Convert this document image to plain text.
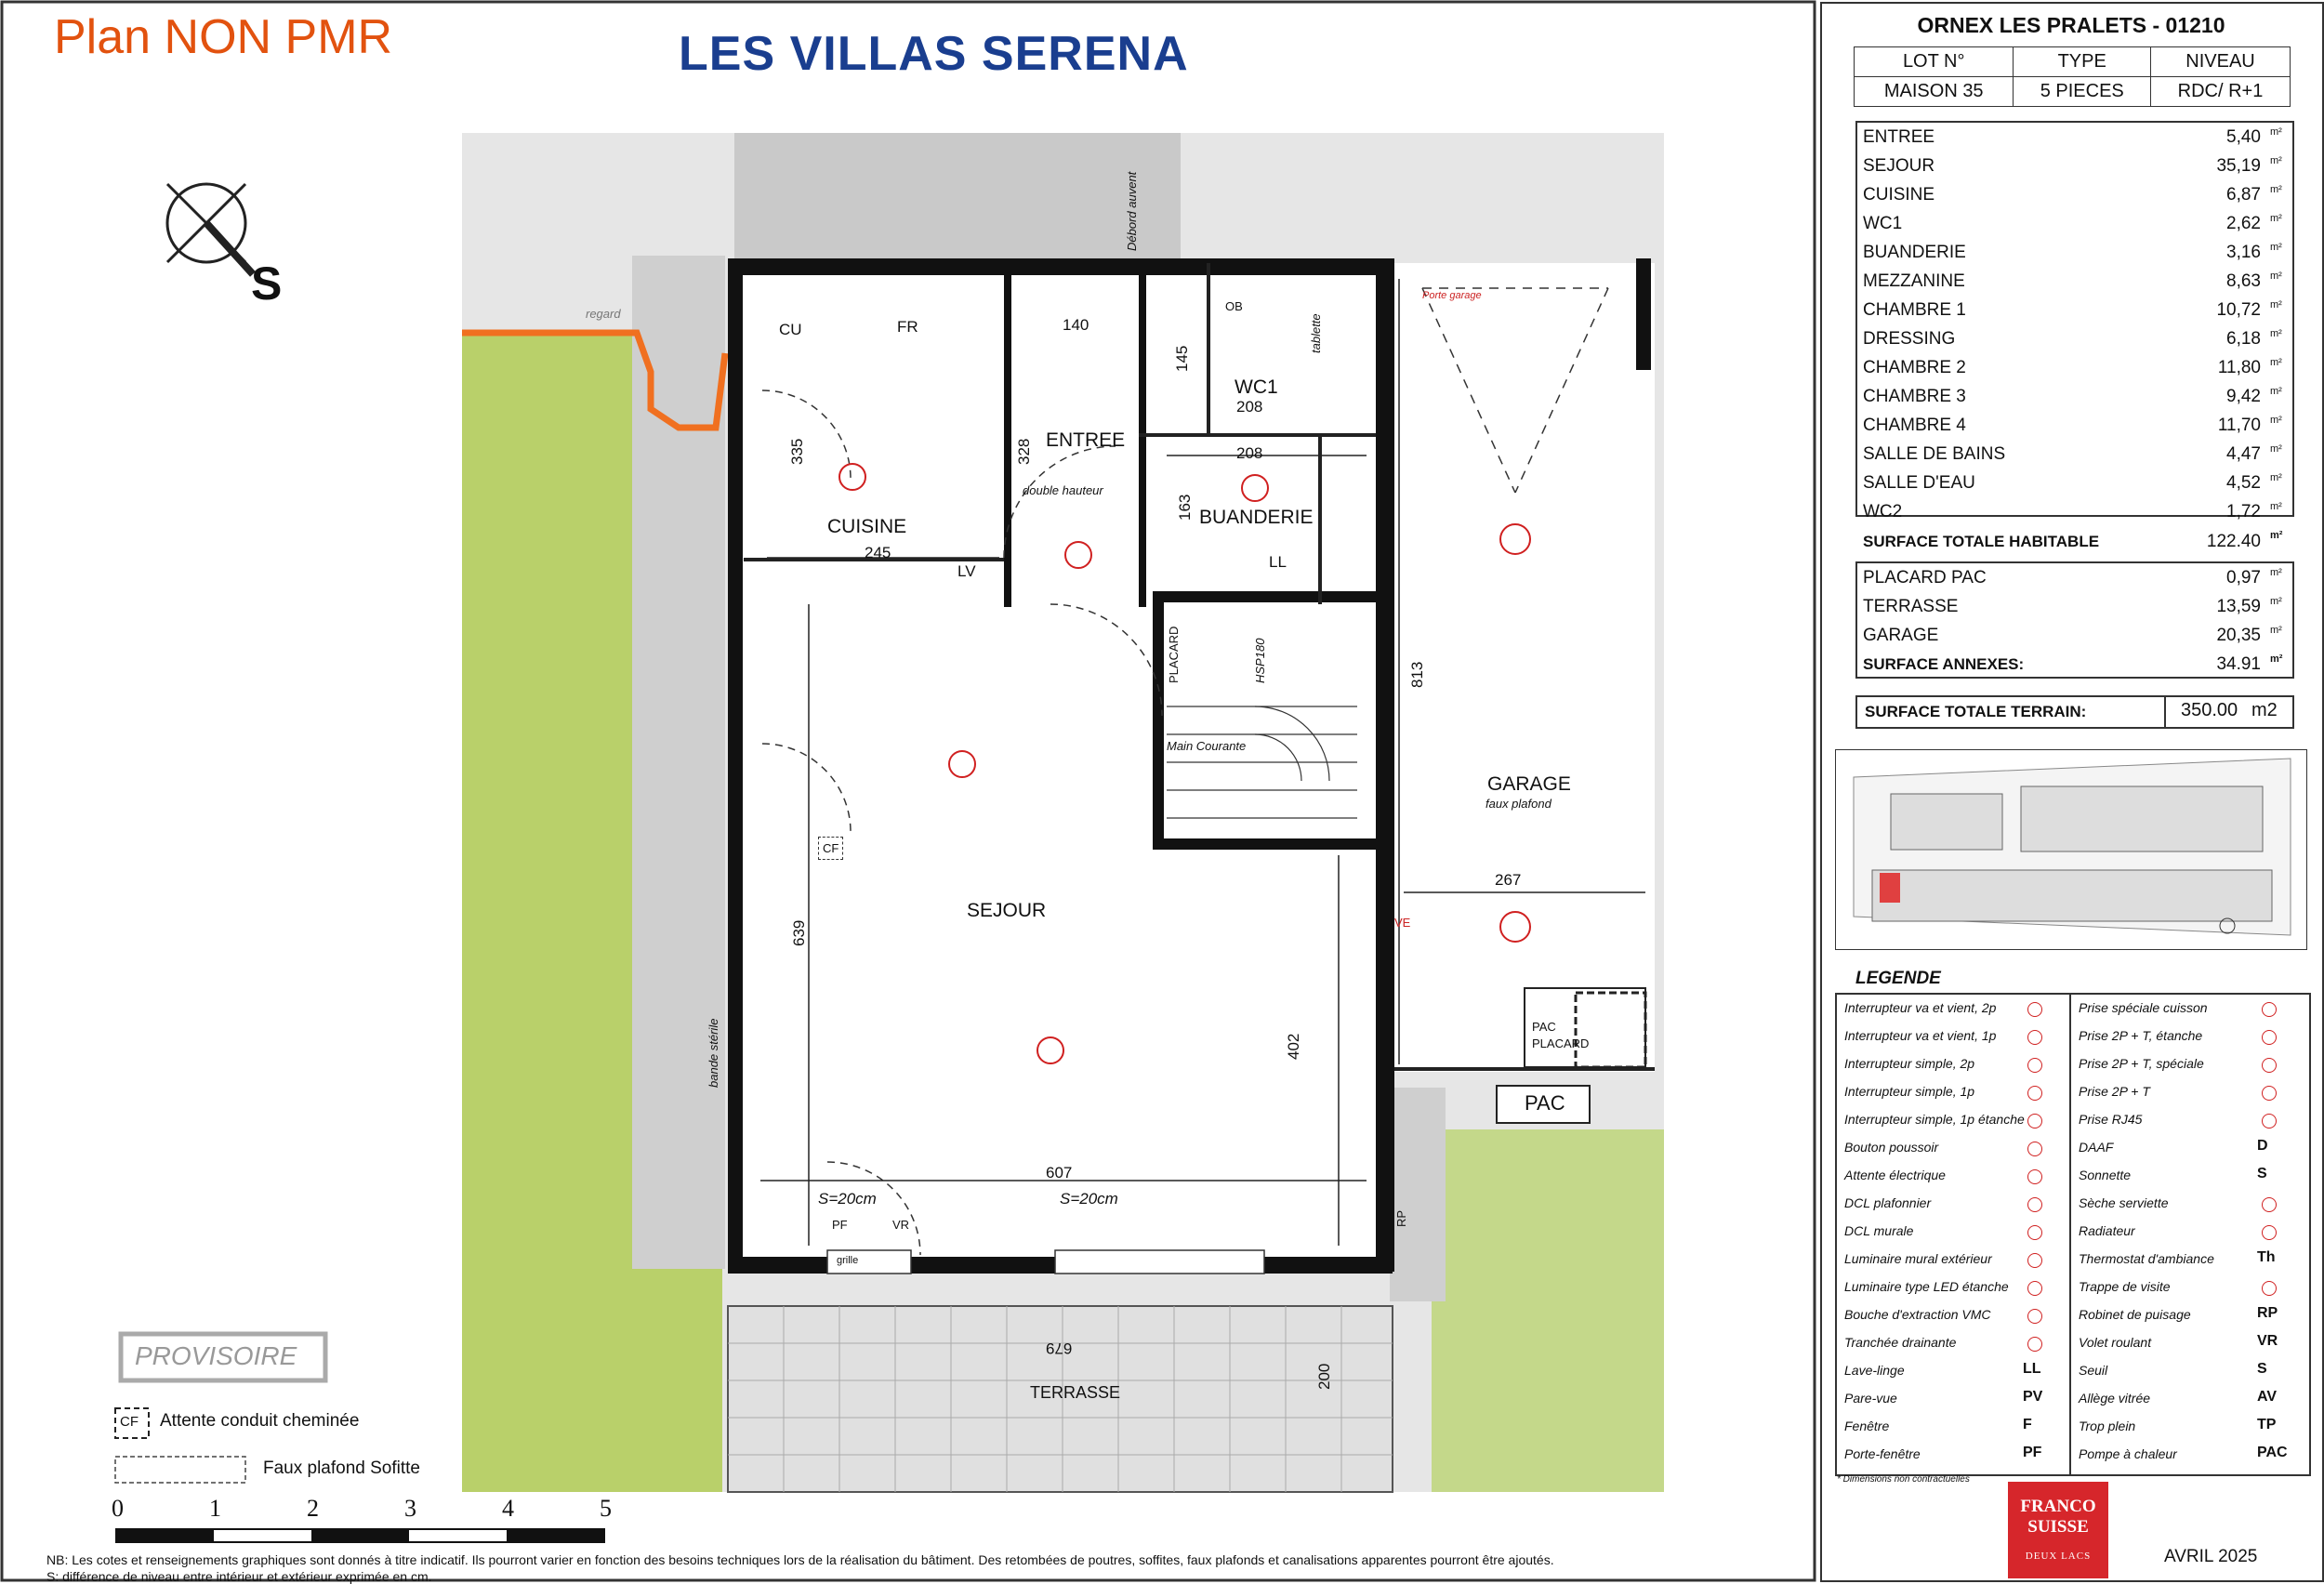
S
Plan NON PMR	LES VILLAS SERENA
ENTREE
double hauteur
CUISINE
WC1
BUANDERIE
SEJOUR
GARAGE
faux plafond
TERRASSE
PAC
PAC PLACARD
Main Courante
Débord auvent
Porte garage
PLACARD	HSP180
regard
grille
CU	FR
LV
LL
OB
tablette
CF
PF	VR
VE
RP
bande stérile
140
145
208
208
328
335
245
163
813
267
639
402
607
679
200
S=20cm	S=20cm
PROVISOIRE
CF Attente conduit cheminée
Faux plafond Sofitte
0	1	2	3	4	5
NB: Les cotes et renseignements graphiques sont donnés à titre indicatif. Ils pourront varier en fonction des besoins techniques lors de la réalisation du bâtiment. Des retombées de poutres, soffites, faux plafonds et canalisations apparentes pourront être ajoutés.
S: différence de niveau entre intérieur et extérieur exprimée en cm.
ORNEX LES PRALETS - 01210
LOT N°	TYPE	NIVEAU
MAISON 35	5 PIECES	RDC/ R+1
ENTREE	5,40	m²
SEJOUR	35,19	m²
CUISINE	6,87	m²
WC1	2,62	m²
BUANDERIE	3,16	m²
MEZZANINE	8,63	m²
CHAMBRE 1	10,72	m²
DRESSING	6,18	m²
CHAMBRE 2	11,80	m²
CHAMBRE 3	9,42	m²
CHAMBRE 4	11,70	m²
SALLE DE BAINS	4,47	m²
SALLE D'EAU	4,52	m²
WC2	1,72	m²
SURFACE TOTALE HABITABLE	122.40	m²
PLACARD PAC	0,97	m²
TERRASSE	13,59	m²
GARAGE	20,35	m²
SURFACE ANNEXES:	34.91	m²
SURFACE TOTALE TERRAIN:	350.00 m2
LEGENDE
Interrupteur va et vient, 2p
Interrupteur va et vient, 1p
Interrupteur simple, 2p
Interrupteur simple, 1p
Interrupteur simple, 1p étanche
Bouton poussoir
Attente électrique
DCL plafonnier
DCL murale
Luminaire mural extérieur
Luminaire type LED étanche
Bouche d'extraction VMC
Tranchée drainante
Lave-linge	LL
Pare-vue	PV
Fenêtre	F
Porte-fenêtre	PF
Prise spéciale cuisson
Prise 2P + T, étanche
Prise 2P + T, spéciale
Prise 2P + T
Prise RJ45
DAAF	D
Sonnette	S
Sèche serviette
Radiateur
Thermostat d'ambiance	Th
Trappe de visite
Robinet de puisage	RP
Volet roulant	VR
Seuil	S
Allège vitrée	AV
Trop plein	TP
Pompe à chaleur	PAC
* Dimensions non contractuelles
FRANCO
SUISSE
DEUX LACS	AVRIL 2025
